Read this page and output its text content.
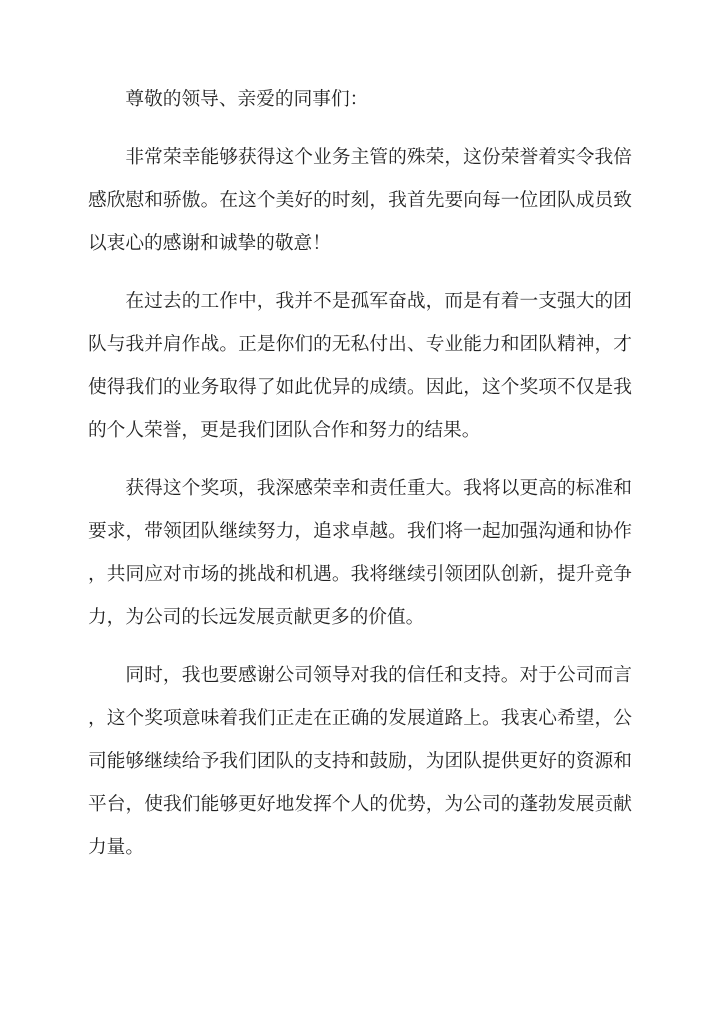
尊敬的领导、亲爱的同事们：

非常荣幸能够获得这个业务主管的殊荣，这份荣誉着实令我倍感欣慰和骄傲。在这个美好的时刻，我首先要向每一位团队成员致以衷心的感谢和诚挚的敬意！

在过去的工作中，我并不是孤军奋战，而是有着一支强大的团队与我并肩作战。正是你们的无私付出、专业能力和团队精神，才使得我们的业务取得了如此优异的成绩。因此，这个奖项不仅是我的个人荣誉，更是我们团队合作和努力的结果。

获得这个奖项，我深感荣幸和责任重大。我将以更高的标准和要求，带领团队继续努力，追求卓越。我们将一起加强沟通和协作，共同应对市场的挑战和机遇。我将继续引领团队创新，提升竞争力，为公司的长远发展贡献更多的价值。

同时，我也要感谢公司领导对我的信任和支持。对于公司而言，这个奖项意味着我们正走在正确的发展道路上。我衷心希望，公司能够继续给予我们团队的支持和鼓励，为团队提供更好的资源和平台，使我们能够更好地发挥个人的优势，为公司的蓬勃发展贡献力量。
